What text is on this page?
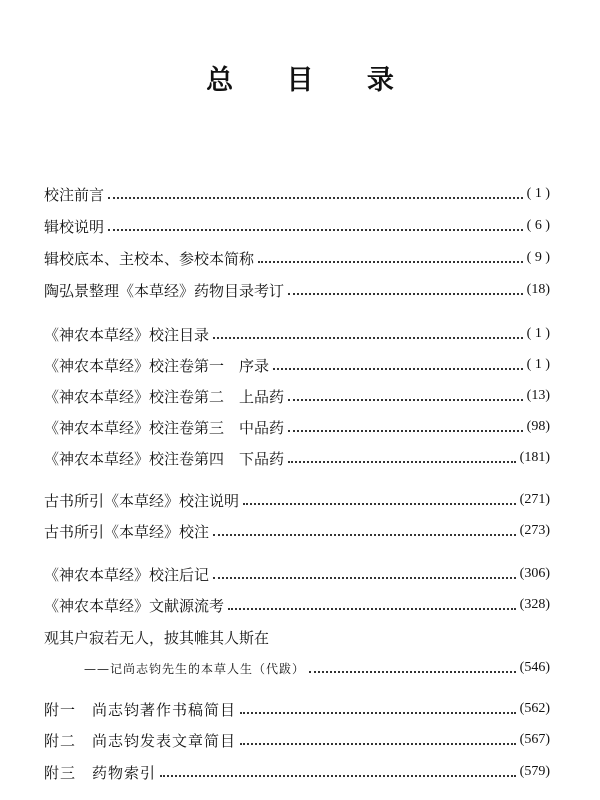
总 目 录
校注前言	( 1 )
辑校说明	( 6 )
辑校底本、主校本、参校本简称	( 9 )
陶弘景整理《本草经》药物目录考订	(18)
《神农本草经》校注目录	( 1 )
《神农本草经》校注卷第一　序录	( 1 )
《神农本草经》校注卷第二　上品药	(13)
《神农本草经》校注卷第三　中品药	(98)
《神农本草经》校注卷第四　下品药	(181)
古书所引《本草经》校注说明	(271)
古书所引《本草经》校注	(273)
《神农本草经》校注后记	(306)
《神农本草经》文献源流考	(328)
观其户寂若无人，披其帷其人斯在
——记尚志钧先生的本草人生（代跋）	(546)
附一　尚志钧著作书稿简目	(562)
附二　尚志钧发表文章简目	(567)
附三　药物索引	(579)
